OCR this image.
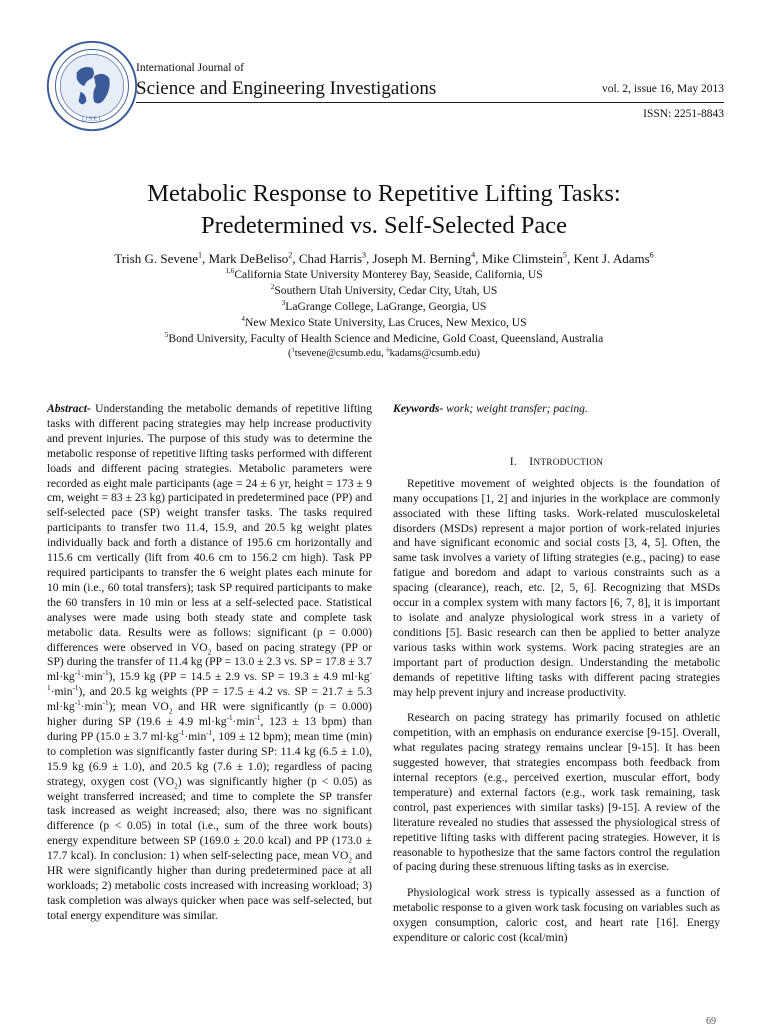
I.J.S.E.I.
International Journal of
Science and Engineering Investigations	vol. 2, issue 16, May 2013
ISSN: 2251-8843
Metabolic Response to Repetitive Lifting Tasks:
Predetermined vs. Self-Selected Pace
Trish G. Sevene$^1$, Mark DeBeliso$^2$, Chad Harris$^3$, Joseph M. Berning$^4$, Mike Climstein$^5$, Kent J. Adams$^6$
$^{1,6}$California State University Monterey Bay, Seaside, California, US
$^2$Southern Utah University, Cedar City, Utah, US
$^3$LaGrange College, LaGrange, Georgia, US
$^4$New Mexico State University, Las Cruces, New Mexico, US
$^5$Bond University, Faculty of Health Science and Medicine, Gold Coast, Queensland, Australia
($^1$tsevene@csumb.edu, $^6$kadams@csumb.edu)

Abstract- Understanding the metabolic demands of repetitive lifting tasks with different pacing strategies may help increase productivity and prevent injuries. The purpose of this study was to determine the metabolic response of repetitive lifting tasks performed with different loads and different pacing strategies. Metabolic parameters were recorded as eight male participants (age = 24 ± 6 yr, height = 173 ± 9 cm, weight = 83 ± 23 kg) participated in predetermined pace (PP) and self-selected pace (SP) weight transfer tasks. The tasks required participants to transfer two 11.4, 15.9, and 20.5 kg weight plates individually back and forth a distance of 195.6 cm horizontally and 115.6 cm vertically (lift from 40.6 cm to 156.2 cm high). Task PP required participants to transfer the 6 weight plates each minute for 10 min (i.e., 60 total transfers); task SP required participants to make the 60 transfers in 10 min or less at a self-selected pace. Statistical analyses were made using both steady state and complete task metabolic data. Results were as follows: significant (p = 0.000) differences were observed in $VO_2$ based on pacing strategy (PP or SP) during the transfer of 11.4 kg (PP = 13.0 ± 2.3 vs. SP = 17.8 ± 3.7 $ml\cdot kg^{-1}\cdot\min^{-1}$), 15.9 kg (PP = 14.5 ± 2.9 vs. SP = 19.3 ± 4.9 $ml\cdot kg^{-1}\cdot\min^{-1}$), and 20.5 kg weights (PP = 17.5 ± 4.2 vs. SP = 21.7 ± 5.3 $ml\cdot kg^{-1}\cdot\min^{-1}$); mean $VO_2$ and HR were significantly (p = 0.000) higher during SP (19.6 ± 4.9 $ml\cdot kg^{-1}\cdot\min^{-1}$, 123 ± 13 bpm) than during PP (15.0 ± 3.7 $ml\cdot kg^{-1}\cdot\min^{-1}$, 109 ± 12 bpm); mean time (min) to completion was significantly faster during SP: 11.4 kg (6.5 ± 1.0), 15.9 kg (6.9 ± 1.0), and 20.5 kg (7.6 ± 1.0); regardless of pacing strategy, oxygen cost $(VO_2)$ was significantly higher (p < 0.05) as weight transferred increased; and time to complete the SP transfer task increased as weight increased; also, there was no significant difference (p < 0.05) in total (i.e., sum of the three work bouts) energy expenditure between SP (169.0 ± 20.0 kcal) and PP (173.0 ± 17.7 kcal). In conclusion: 1) when self-selecting pace, mean $VO_2$ and HR were significantly higher than during predetermined pace at all workloads; 2) metabolic costs increased with increasing workload; 3) task completion was always quicker when pace was self-selected, but total energy expenditure was similar.

Keywords- work; weight transfer; pacing.

I. INTRODUCTION

Repetitive movement of weighted objects is the foundation of many occupations [1, 2] and injuries in the workplace are commonly associated with these lifting tasks. Work-related musculoskeletal disorders (MSDs) represent a major portion of work-related injuries and have significant economic and social costs [3, 4, 5]. Often, the same task involves a variety of lifting strategies (e.g., pacing) to ease fatigue and boredom and adapt to various constraints such as a spacing (clearance), reach, etc. [2, 5, 6]. Recognizing that MSDs occur in a complex system with many factors [6, 7, 8], it is important to isolate and analyze physiological work stress in a variety of conditions [5]. Basic research can then be applied to better analyze various tasks within work systems. Work pacing strategies are an important part of production design. Understanding the metabolic demands of repetitive lifting tasks with different pacing strategies may help prevent injury and increase productivity.

Research on pacing strategy has primarily focused on athletic competition, with an emphasis on endurance exercise [9-15]. Overall, what regulates pacing strategy remains unclear [9-15]. It has been suggested however, that strategies encompass both feedback from internal receptors (e.g., perceived exertion, muscular effort, body temperature) and external factors (e.g., work task remaining, task control, past experiences with similar tasks) [9-15]. A review of the literature revealed no studies that assessed the physiological stress of repetitive lifting tasks with different pacing strategies. However, it is reasonable to hypothesize that the same factors control the regulation of pacing during these strenuous lifting tasks as in exercise.

Physiological work stress is typically assessed as a function of metabolic response to a given work task focusing on variables such as oxygen consumption, caloric cost, and heart rate [16]. Energy expenditure or caloric cost (kcal/min)

69
